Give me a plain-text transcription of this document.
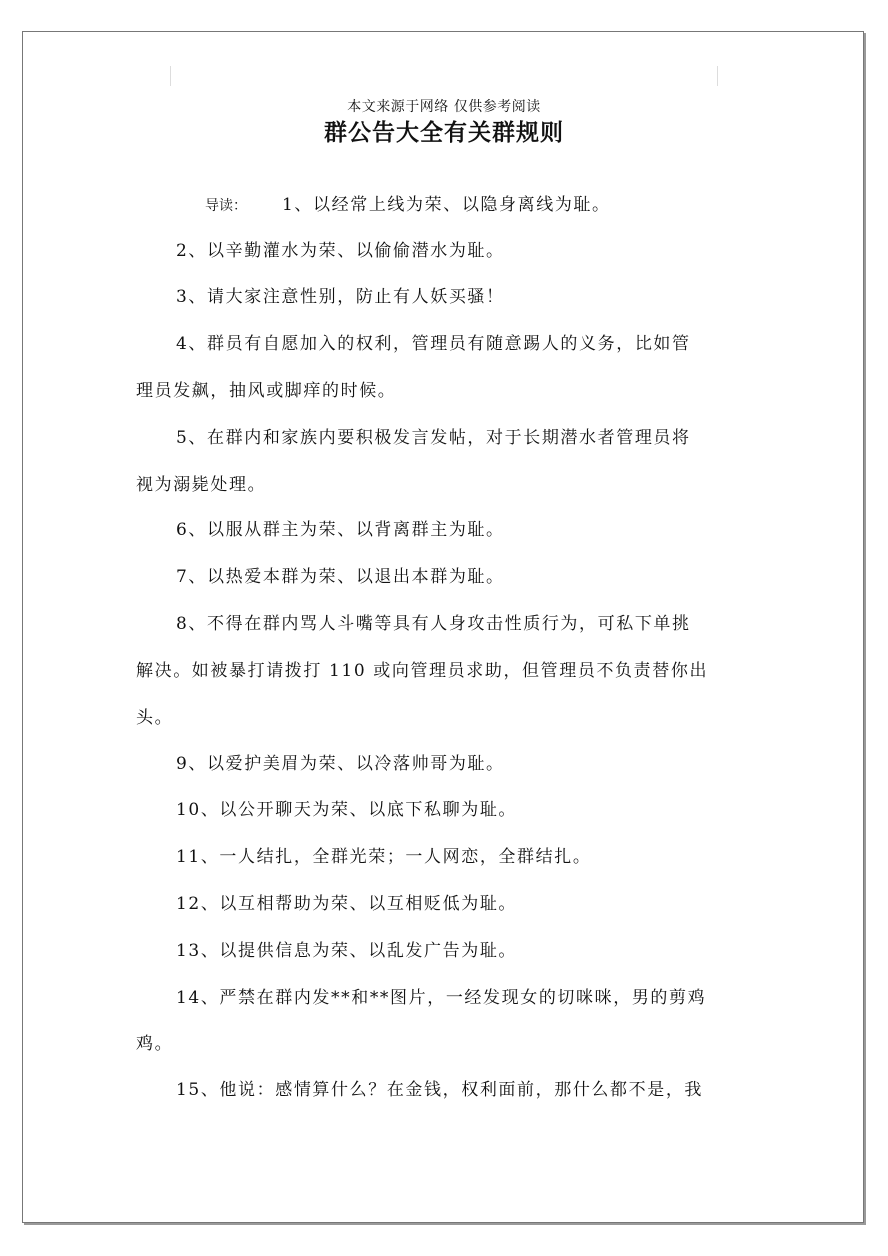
本文来源于网络 仅供参考阅读
群公告大全有关群规则
导读： 1、以经常上线为荣、以隐身离线为耻。
2、以辛勤灌水为荣、以偷偷潜水为耻。
3、请大家注意性别，防止有人妖买骚！
4、群员有自愿加入的权利，管理员有随意踢人的义务，比如管
理员发飙，抽风或脚痒的时候。
5、在群内和家族内要积极发言发帖，对于长期潜水者管理员将
视为溺毙处理。
6、以服从群主为荣、以背离群主为耻。
7、以热爱本群为荣、以退出本群为耻。
8、不得在群内骂人斗嘴等具有人身攻击性质行为，可私下单挑
解决。如被暴打请拨打 110 或向管理员求助，但管理员不负责替你出
头。
9、以爱护美眉为荣、以冷落帅哥为耻。
10、以公开聊天为荣、以底下私聊为耻。
11、一人结扎，全群光荣；一人网恋，全群结扎。
12、以互相帮助为荣、以互相贬低为耻。
13、以提供信息为荣、以乱发广告为耻。
14、严禁在群内发**和**图片，一经发现女的切咪咪，男的剪鸡
鸡。
15、他说：感情算什么？在金钱，权利面前，那什么都不是，我
